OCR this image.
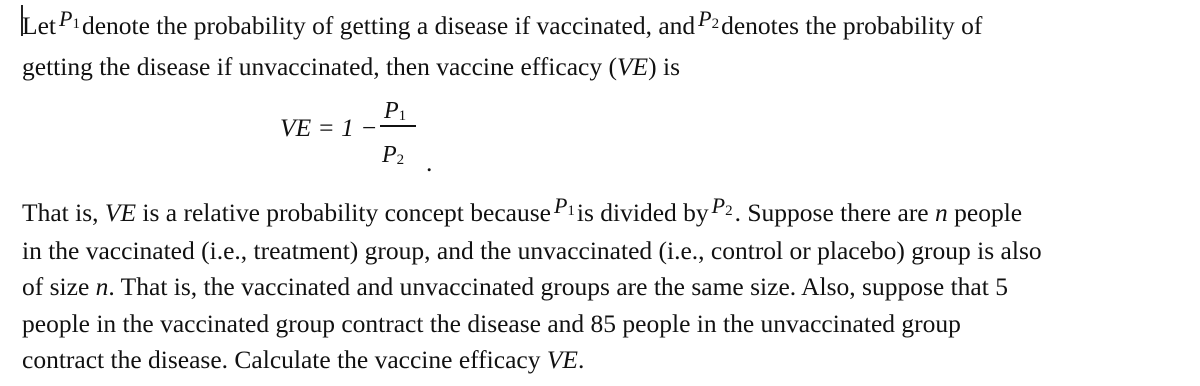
Let $P_1denote$ the probability of getting a disease if vaccinated, and $P_2denotes$ the probability of
getting the disease if unvaccinated, then vaccine efficacy (VE) is
VE = 1 −
$P_1$
$P_2$ .
That is, VE is a relative probability concept because $P_1is$ divided by $P_2$. Suppose there are n people
in the vaccinated (i.e., treatment) group, and the unvaccinated (i.e., control or placebo) group is also
of size n. That is, the vaccinated and unvaccinated groups are the same size. Also, suppose that 5
people in the vaccinated group contract the disease and 85 people in the unvaccinated group
contract the disease. Calculate the vaccine efficacy VE.
